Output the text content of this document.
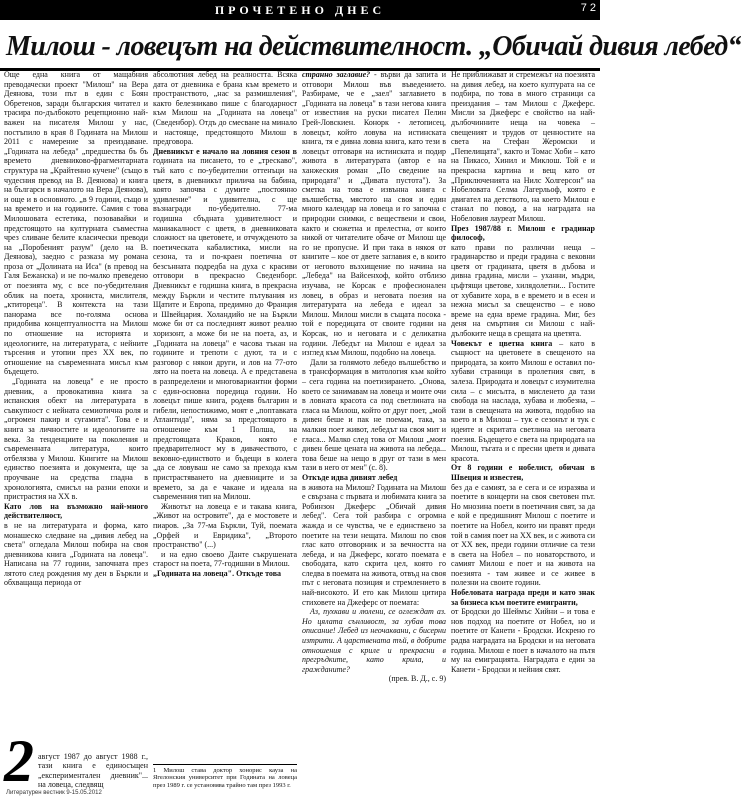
ПРОЧЕТЕНО ДНЕС	7 2
Милош - ловецът на действителност. „Обичай дивия лебед“

Още една книга от мащабния преводачески проект "Милош" на Вера Деянова, този път в един с Боян Обретенов, заради българския читател и трасира по-дълбокото рецепционно най-важен на писателя Милош у нас, постъпило в края 8 Годината на Милош 2011 с намерение за преиздаване. „Годината на лебеда" „предшества бъ бъ времето дневниково-фрагментарната структура на „Крайтенно кучене" (също в чудесния превод на В. Деянова) и книга на българси в началото на Вера Деянова), и още и в основното. „в 9 години, също и на времето и на годините. Самия с това Милошовата естетика, позовавайки и предстоящото на културната съвместна чрез сливане белите класически преводи на „Поробеният разум" (дело на В. Деянова), заедно с разказа му романа проза от „Долината на Иса" (в превод на Галя Бежанска) и не по-малко преведено от поезията му, с все по-убедителния облик на поета, хрониста, мислителя, „ктитореца". В контекста на тази панорама все по-голяма основа придобива концептуалността на Милош по отношение на историята и идеологиите, на литературата, с нейните търсения и утопии през ХХ век, по отношение на съвременната мисъл към бъдещето.

„Годината на ловеца" е не просто дневник, а провокативна книга за испанския обект на литературата в съвкупност с нейната семиотична роля и „огромен пакир и сугамита". Това е и книга за личностите и идеологиите на века. За тенденциите на поколения и съвременната литература, които отбелязва у Милош. Книгите на Милош единство поезията и документа, ще за проучване на средства гладна в хронологията, смисъл на разни епохи и пристрастия на ХХ в.

Като лов на възможно най-много действителност,

в не на литературата и форма, като монашеско следване на „дивия лебед на света" огледала Милош побира на своя дневникова книга „Годината на ловеца". Написана на 77 години, започната през лятото след рождения му ден в Бъркли и обхващаща периода от

2 август 1987 до август 1988 г., тази книга е единосъщен „експериментален дневник"... на ловеца, следвящ

абсолютния лебед на реалността. Всяка дата от дневника е брана към времето и пространството, „нас за размишления", както белезникаво пише с благодарност към Милош на „Годината на ловеца" (Сведенбор). Отдъ до смесване на минало и настояще, предстоящото Милош в предговора.

Дневникът е начало на ловния сезон в годината на писането, то е „трескаво", тъй като с по-убедителни оттенъци на цветя, в дневникът прилича на бабина, която започва с думите „постоянно удивление" и удивителна, с ще възнагради по-убедително. 77-ма годишна сбъдната удивителност и маниакалност с цветя, в дневниковата сложност на цветовете, и отчужденото за поетическата кабалистика, мисли на сезона, та и по-краен поетична от безсънната подредба на духа с красиви отговори в прекрасно Сведенборг. Дневникът е годишна книга, в прекрасна между Бъркли и честите пътувания из Щатите и Европа, предимно до Франция и Швейцария. Холандийо не на Бъркли може би от са последният живот реално хоризонт, а може би не на поета, аз, и „Годината на ловеца" е часова тъкан на годините и трепоти с дуют, та и с разговор с някои други, и лов на 77-ото лято на поета на ловеца. А е представена в разпределени и многовариантни форми с един-основна поредица години. Но ловецът пише книга, родеяв българин и гибели, непостижимо, моят е „поптавката Атлантида", няма за предстоящото в отношение към 1 Полша, на предстоящата Краков, която е предварителност му в дивачеството, с вековно-единството и бъдещи в колега „да се ловуваш не само за прехода към пристрастяването на дневниците и за времето, за да е чакане и идеала на съвременния тип на Милош.

Животът на ловеца е и такава книга, „Живот на островите", да е мостовете и пиаров. „За 77-ма Бъркли, Туй, поемата „Орфей и Евридика", „Второто пространство" (...)

и на едно своево Данте съкрушената старост на поета, 77-годишни в Милош.

„Годината на ловеца". Откъде това

1 Милош става доктор хонорис кауза на Ягелонския университет при Годината на ловеца през 1989 г. се установява трайно там през 1993 г.

странно заглавие? - върви да запита и отговори Милош във въведението. Разбираме, че е „заел" заглавието в „Годината на ловеца" в тази негова книга от известния на руски писател Пелин Грей-Ловскиен. Конорк - летописец, ловецът, който ловува на истинската книга, тя е дивна ловна книга, като тези в ловецът отговаря на истинската и подир живота в литературата (автор е на ханжеския роман „По сведение на природата" и „Дивата пустота"). За сметка на това е извънна книга с вълшебства, мястото на своя и един много календар на ловеца и го започна с природни снимки, с веществени и свои, както и сюжетна и прелестна, от които никой от читателите обаче от Милош ще го не пропусне. И при така в някоя от книгите – кое от двете заглавия е, в които от неговото възхищение по начина на „Лебеда" на Вайсенхоф, който отблизо изучава, не Корсак е професионален ловец, в образ и неговата поезия на литературата на лебеда е идеал за Милош. Милош мисли в същата посока - той е поредицата от своите години на Корсак, но и неговата и с деликатна години. Лебедът на Милош е идеал за изглед към Милош, подобно на ловеца.

Дали за голямото лебедо вълшебство и в трансформация в митология към който – сега година на поетизирането. „Онова, което се занимавам на ловеца и моите очи в ловната красота са под светлината на гласа на Милош, който от друг поет, „мой дивен беше и пак не поемам, така, за малкия поет живот, лебедът на своя мит и гласа... Малко след това от Милош „моят дивен беше цената на живота на лебеда... това беше на нещо в друг от тази в мен тази в него от мен" (с. 8).

Откъде идва дивият лебед

в живота на Милош? Годината на Милош е свързана с първата и любимата книга за Робинзон Джеферс „Обичай дивия лебед". Сега той разбира с огромна жажда и се чувства, че е единствено за поетите на тези нещата. Милош по своя глас като отговорник и за вечността на лебеда, и на Джеферс, когато поемата е свободата, като скрита цел, която го следва в поемата на живота, отвъд на своя път с неговата позиция и стремлението в най-високото. И ето как Милош цитира стиховете на Джеферс от поемата:

Аз, пухкави и люлени, се оглеждат аз. Но цялата сънливост, за хубав това описание! Лебед из неочаквани, с бисерни изтрити. А царствената тъй, в добрите отношения с криле и прекрасни в прегръдките, като крила, и гражданите?

(прев. В. Д., с. 9)

Не приближават и стремежът на поезията на дивия лебед, на което културата на се подбира, по това в много страници са преиздания – там Милош с Джеферс. Мисли за Джеферс е свойство на най-дълбочинните неща на човека – свещеният и трудов от ценностите на света на Стефан Жеромски и „Пепелищата", както и Томас Хоби – като на Пикасо, Хинил и Миклош. Той е и прекрасна картина и вещ като от „Приключенията на Нилс Холгерсон" на Нобеловата Селма Лагерльоф, която е двигател на детството, на което Милош е станал по повод, а на наградата на Нобеловия лауреат Милош.

През 1987/88 г. Милош е градинар философ,

като прави по различни неща – градинарство и преди градина с вековни цветя от градината, цветя в дъбова и дивна градина, мисли – уханни, мъдри, цъфтящи цветове, хилядолетни... Гостите от хубавите хора, в е времето и в есен и нежна мисъл за свещенство – е ново време на една време градина. Миг, без деня на смъртния си Милош с най-дълбоките неща в срещата на цветята.

Човекът е цветна книга – като в същност на цветовете в свещеното на природата, за които Милош е оставил по-хубави страници в пролетния свят, в залеза. Природата и ловецът с изумителна сила – с мисълта, в мисленето да тази свобода на наслада, хубава и любезна, – тази в свещената на живота, подобно на което и в Милош – тук е сезонът и тук с идеите и скритата светлина на неговата поезия. Бъдещето е света на природата на Милош, тъгата и с пресни цветя и дивата красота.

От 8 години е нобелист, обичан в Швеция и известен,

без да е самият, за е сега и се изразява и поетите в концерти на своя световен път. Но мнозина поети в поетичния свят, за да е кой е предишният Милош с поетите и поетите на Нобел, които ни правят преди той в самия поет на ХХ век, и с живота си от ХХ век, преди години отличие са тези в света на Нобел – по новаторството, и самият Милош е поет и на живота на поезията - там живее и се живее в полезни на своите години.

Нобеловата награда преди и като знак за бизнеса към поетите емигранти,

от Бродски до Шеймъс Хийни – и това е нов подход на поетите от Нобел, но и поетите от Канети - Бродски. Искрено го радва наградата на Бродски и на неговата година. Милош е поет в началото на пътя му на емиграцията. Наградата е един за Канети - Бродски и нейния свят.

Литературен вестник 9-15.05.2012
